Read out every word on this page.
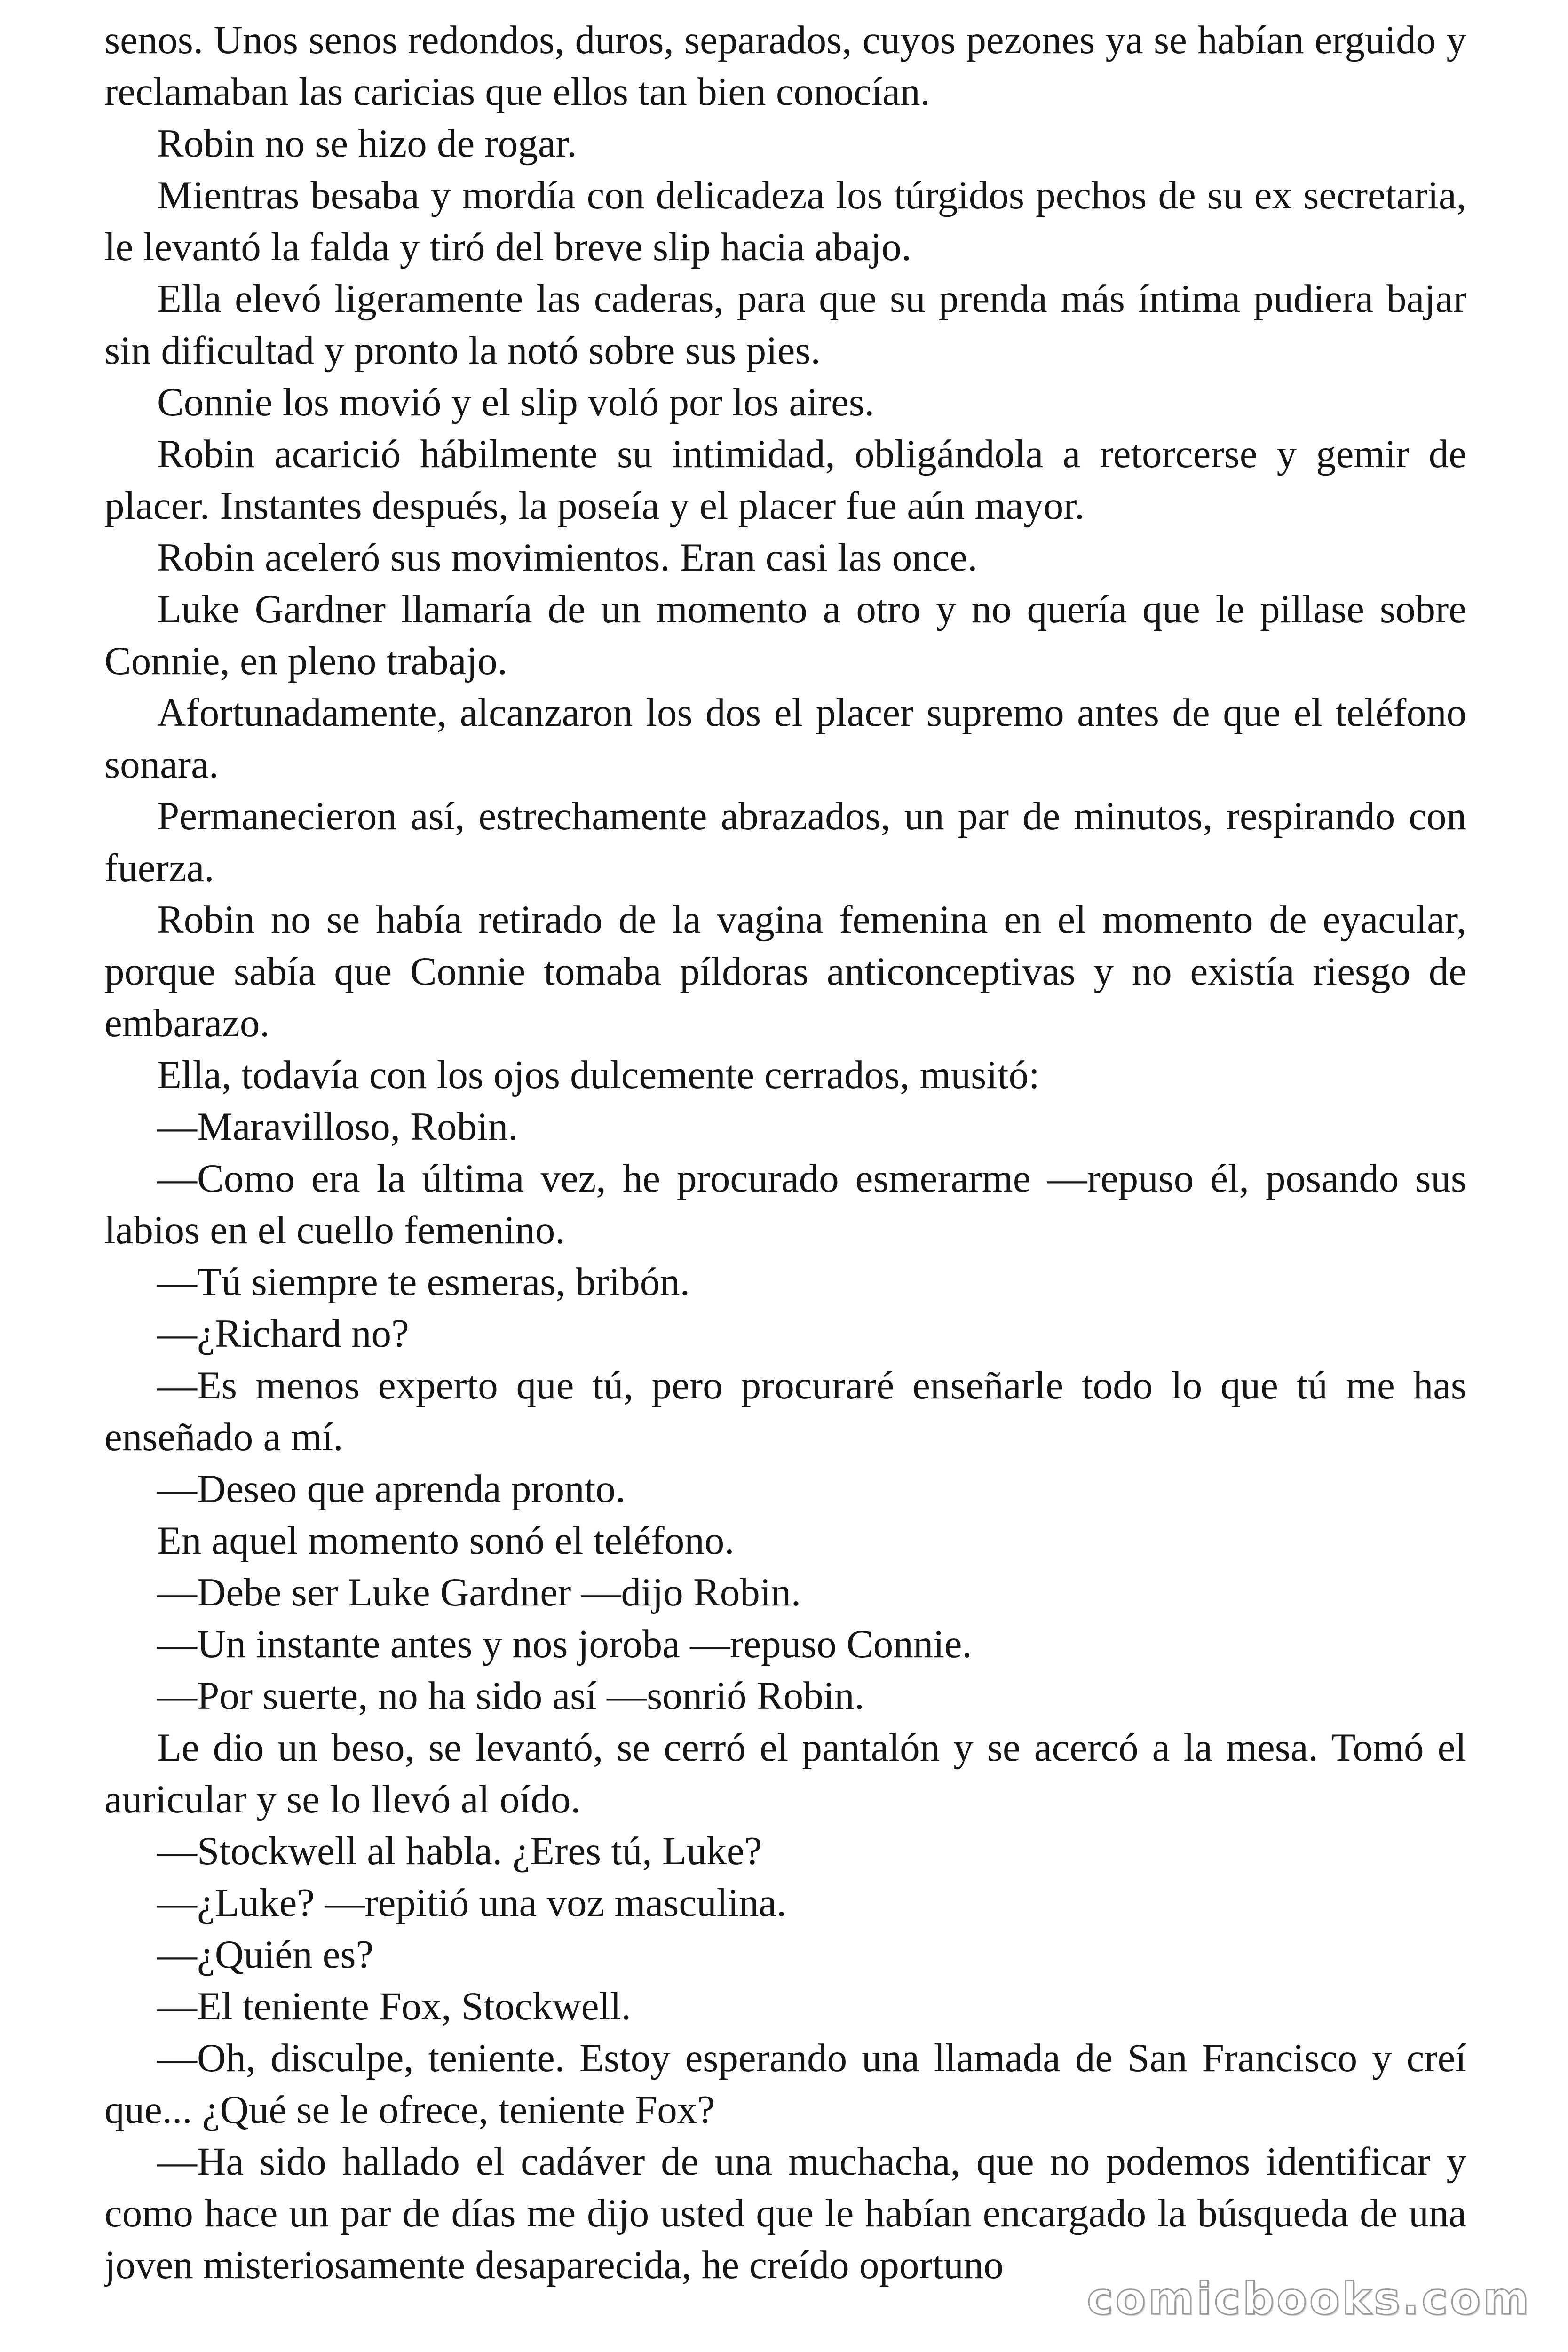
senos. Unos senos redondos, duros, separados, cuyos pezones ya se habían erguido y reclamaban las caricias que ellos tan bien conocían.

Robin no se hizo de rogar.

Mientras besaba y mordía con delicadeza los túrgidos pechos de su ex secretaria, le levantó la falda y tiró del breve slip hacia abajo.

Ella elevó ligeramente las caderas, para que su prenda más íntima pudiera bajar sin dificultad y pronto la notó sobre sus pies.

Connie los movió y el slip voló por los aires.

Robin acarició hábilmente su intimidad, obligándola a retorcerse y gemir de placer. Instantes después, la poseía y el placer fue aún mayor.

Robin aceleró sus movimientos. Eran casi las once.

Luke Gardner llamaría de un momento a otro y no quería que le pillase sobre Connie, en pleno trabajo.

Afortunadamente, alcanzaron los dos el placer supremo antes de que el teléfono sonara.

Permanecieron así, estrechamente abrazados, un par de minutos, respirando con fuerza.

Robin no se había retirado de la vagina femenina en el momento de eyacular, porque sabía que Connie tomaba píldoras anticonceptivas y no existía riesgo de embarazo.

Ella, todavía con los ojos dulcemente cerrados, musitó:

—Maravilloso, Robin.

—Como era la última vez, he procurado esmerarme —repuso él, posando sus labios en el cuello femenino.

—Tú siempre te esmeras, bribón.

—¿Richard no?

—Es menos experto que tú, pero procuraré enseñarle todo lo que tú me has enseñado a mí.

—Deseo que aprenda pronto.

En aquel momento sonó el teléfono.

—Debe ser Luke Gardner —dijo Robin.

—Un instante antes y nos joroba —repuso Connie.

—Por suerte, no ha sido así —sonrió Robin.

Le dio un beso, se levantó, se cerró el pantalón y se acercó a la mesa. Tomó el auricular y se lo llevó al oído.

—Stockwell al habla. ¿Eres tú, Luke?

—¿Luke? —repitió una voz masculina.

—¿Quién es?

—El teniente Fox, Stockwell.

—Oh, disculpe, teniente. Estoy esperando una llamada de San Francisco y creí que... ¿Qué se le ofrece, teniente Fox?

—Ha sido hallado el cadáver de una muchacha, que no podemos identificar y como hace un par de días me dijo usted que le habían encargado la búsqueda de una joven misteriosamente desaparecida, he creído oportuno

comicbooks.com
